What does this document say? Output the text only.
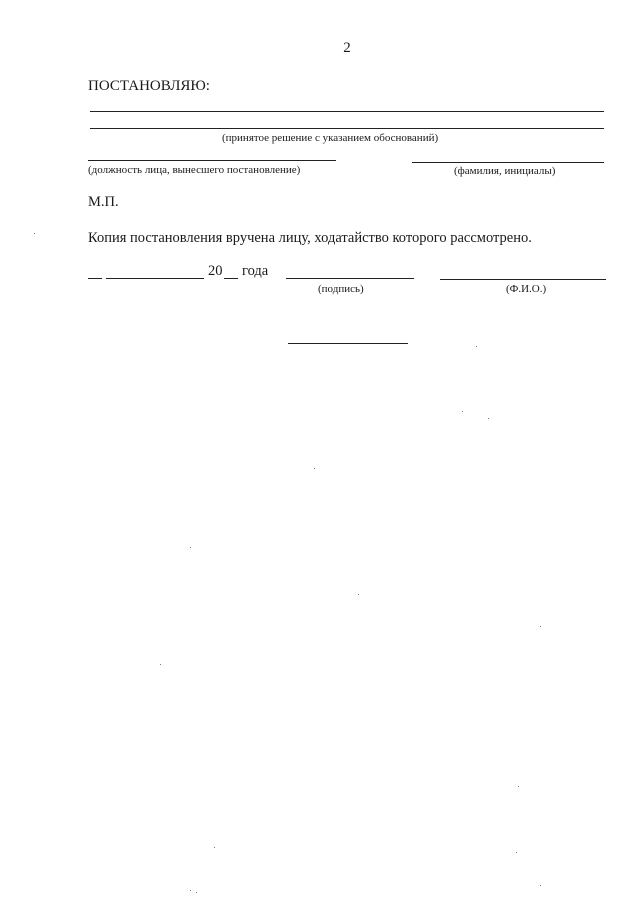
2
ПОСТАНОВЛЯЮ:
(принятое решение с указанием обоснований)
(должность лица, вынесшего постановление)	(фамилия, инициалы)
М.П.
Копия постановления вручена лицу, ходатайство которого рассмотрено.
20 года
(подпись)	(Ф.И.О.)
